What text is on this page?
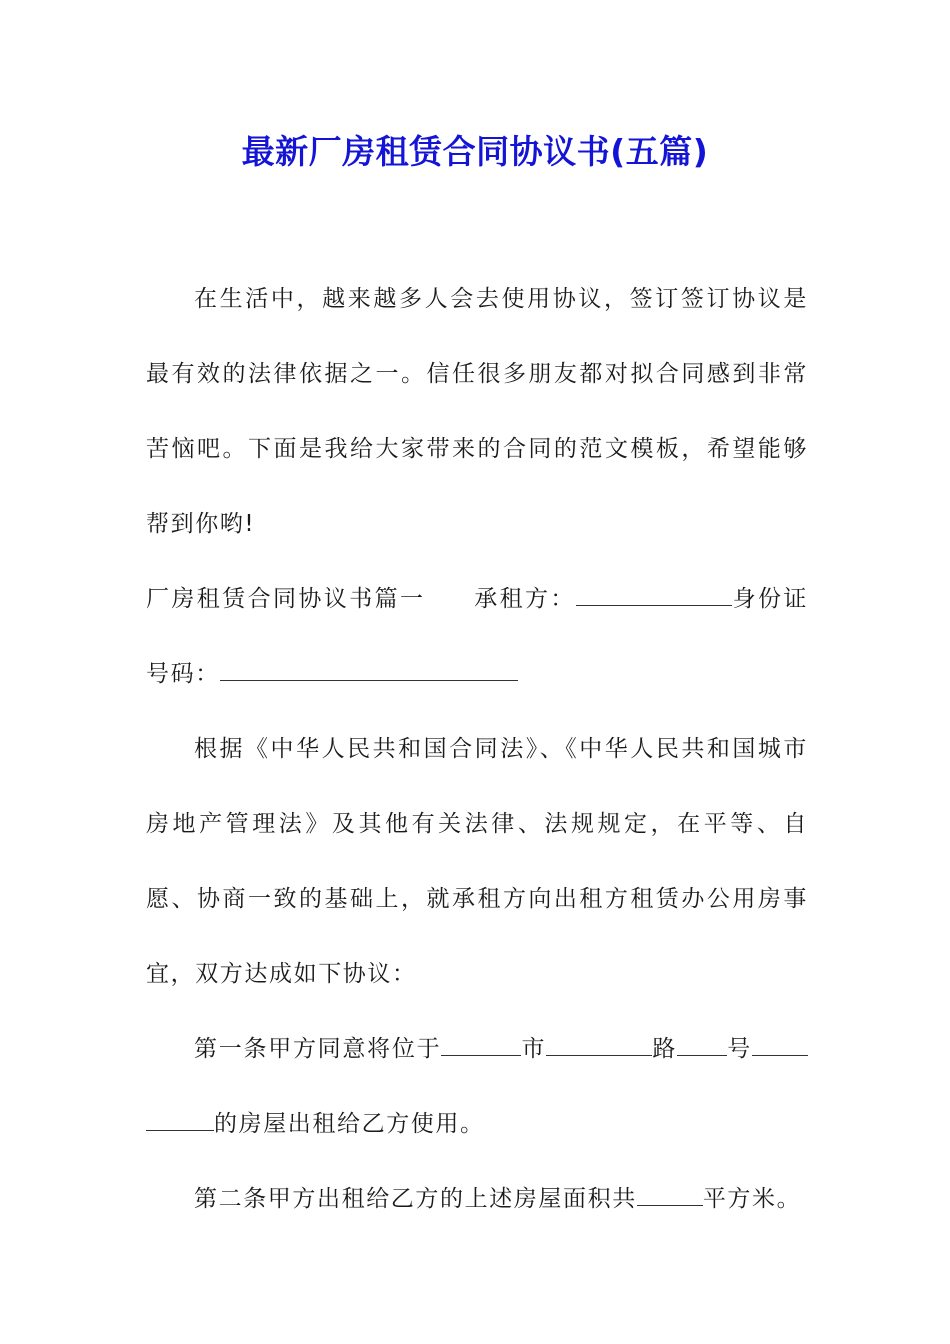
最新厂房租赁合同协议书(五篇)

在生活中，越来越多人会去使用协议，签订签订协议是最有效的法律依据之一。信任很多朋友都对拟合同感到非常苦恼吧。下面是我给大家带来的合同的范文模板，希望能够帮到你哟!

厂房租赁合同协议书篇一 承租方：	身份证号码：

根据《中华人民共和国合同法》、《中华人民共和国城市房地产管理法》及其他有关法律、法规规定，在平等、自愿、协商一致的基础上，就承租方向出租方租赁办公用房事宜，双方达成如下协议：

第一条甲方同意将位于	市	路 号的房屋出租给乙方使用。

第二条甲方出租给乙方的上述房屋面积共	平方米。
